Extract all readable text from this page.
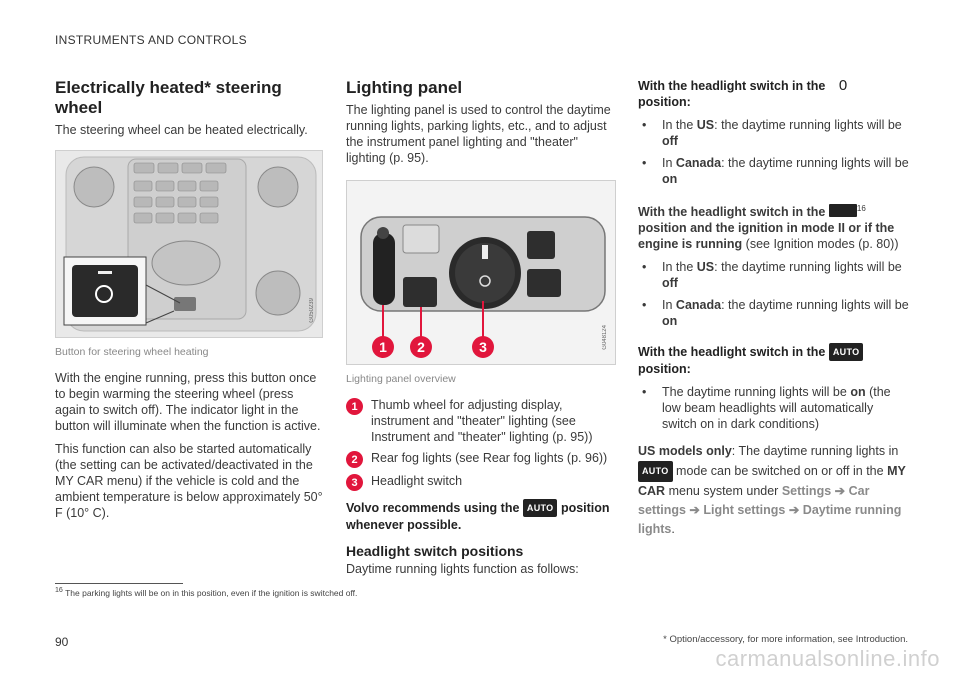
INSTRUMENTS AND CONTROLS
Electrically heated* steering wheel

The steering wheel can be heated electrically.

G050239
Button for steering wheel heating

With the engine running, press this button once to begin warming the steering wheel (press again to switch off). The indicator light in the button will illuminate when the function is active.

This function can also be started automatically (the setting can be activated/deactivated in the MY CAR menu) if the vehicle is cold and the ambient temperature is below approximately 50° F (10° C).

Lighting panel

The lighting panel is used to control the daytime running lights, parking lights, etc., and to adjust the instrument panel lighting and "theater" lighting (p. 95).

1 2	3	G048124
Lighting panel overview
1	Thumb wheel for adjusting display, instrument and "theater" lighting (see Instrument and "theater" lighting (p. 95))
2	Rear fog lights (see Rear fog lights (p. 96))
3	Headlight switch

Volvo recommends using the AUTO position whenever possible.

Headlight switch positions

Daytime running lights function as follows:

With the headlight switch in the 0 position:

• In the US: the daytime running lights will be off
• In Canada: the daytime running lights will be on

With the headlight switch in the	$^{16}$ position and the ignition in mode II or if the engine is running (see Ignition modes (p. 80))

• In the US: the daytime running lights will be off
• In Canada: the daytime running lights will be on

With the headlight switch in the AUTO position:

• The daytime running lights will be on (the low beam headlights will automatically switch on in dark conditions)

US models only: The daytime running lights in AUTO mode can be switched on or off in the MY CAR menu system under Settings ➔ Car settings ➔ Light settings ➔ Daytime running lights.

$^{16}$ The parking lights will be on in this position, even if the ignition is switched off.
90	* Option/accessory, for more information, see Introduction.
carmanualsonline.info
